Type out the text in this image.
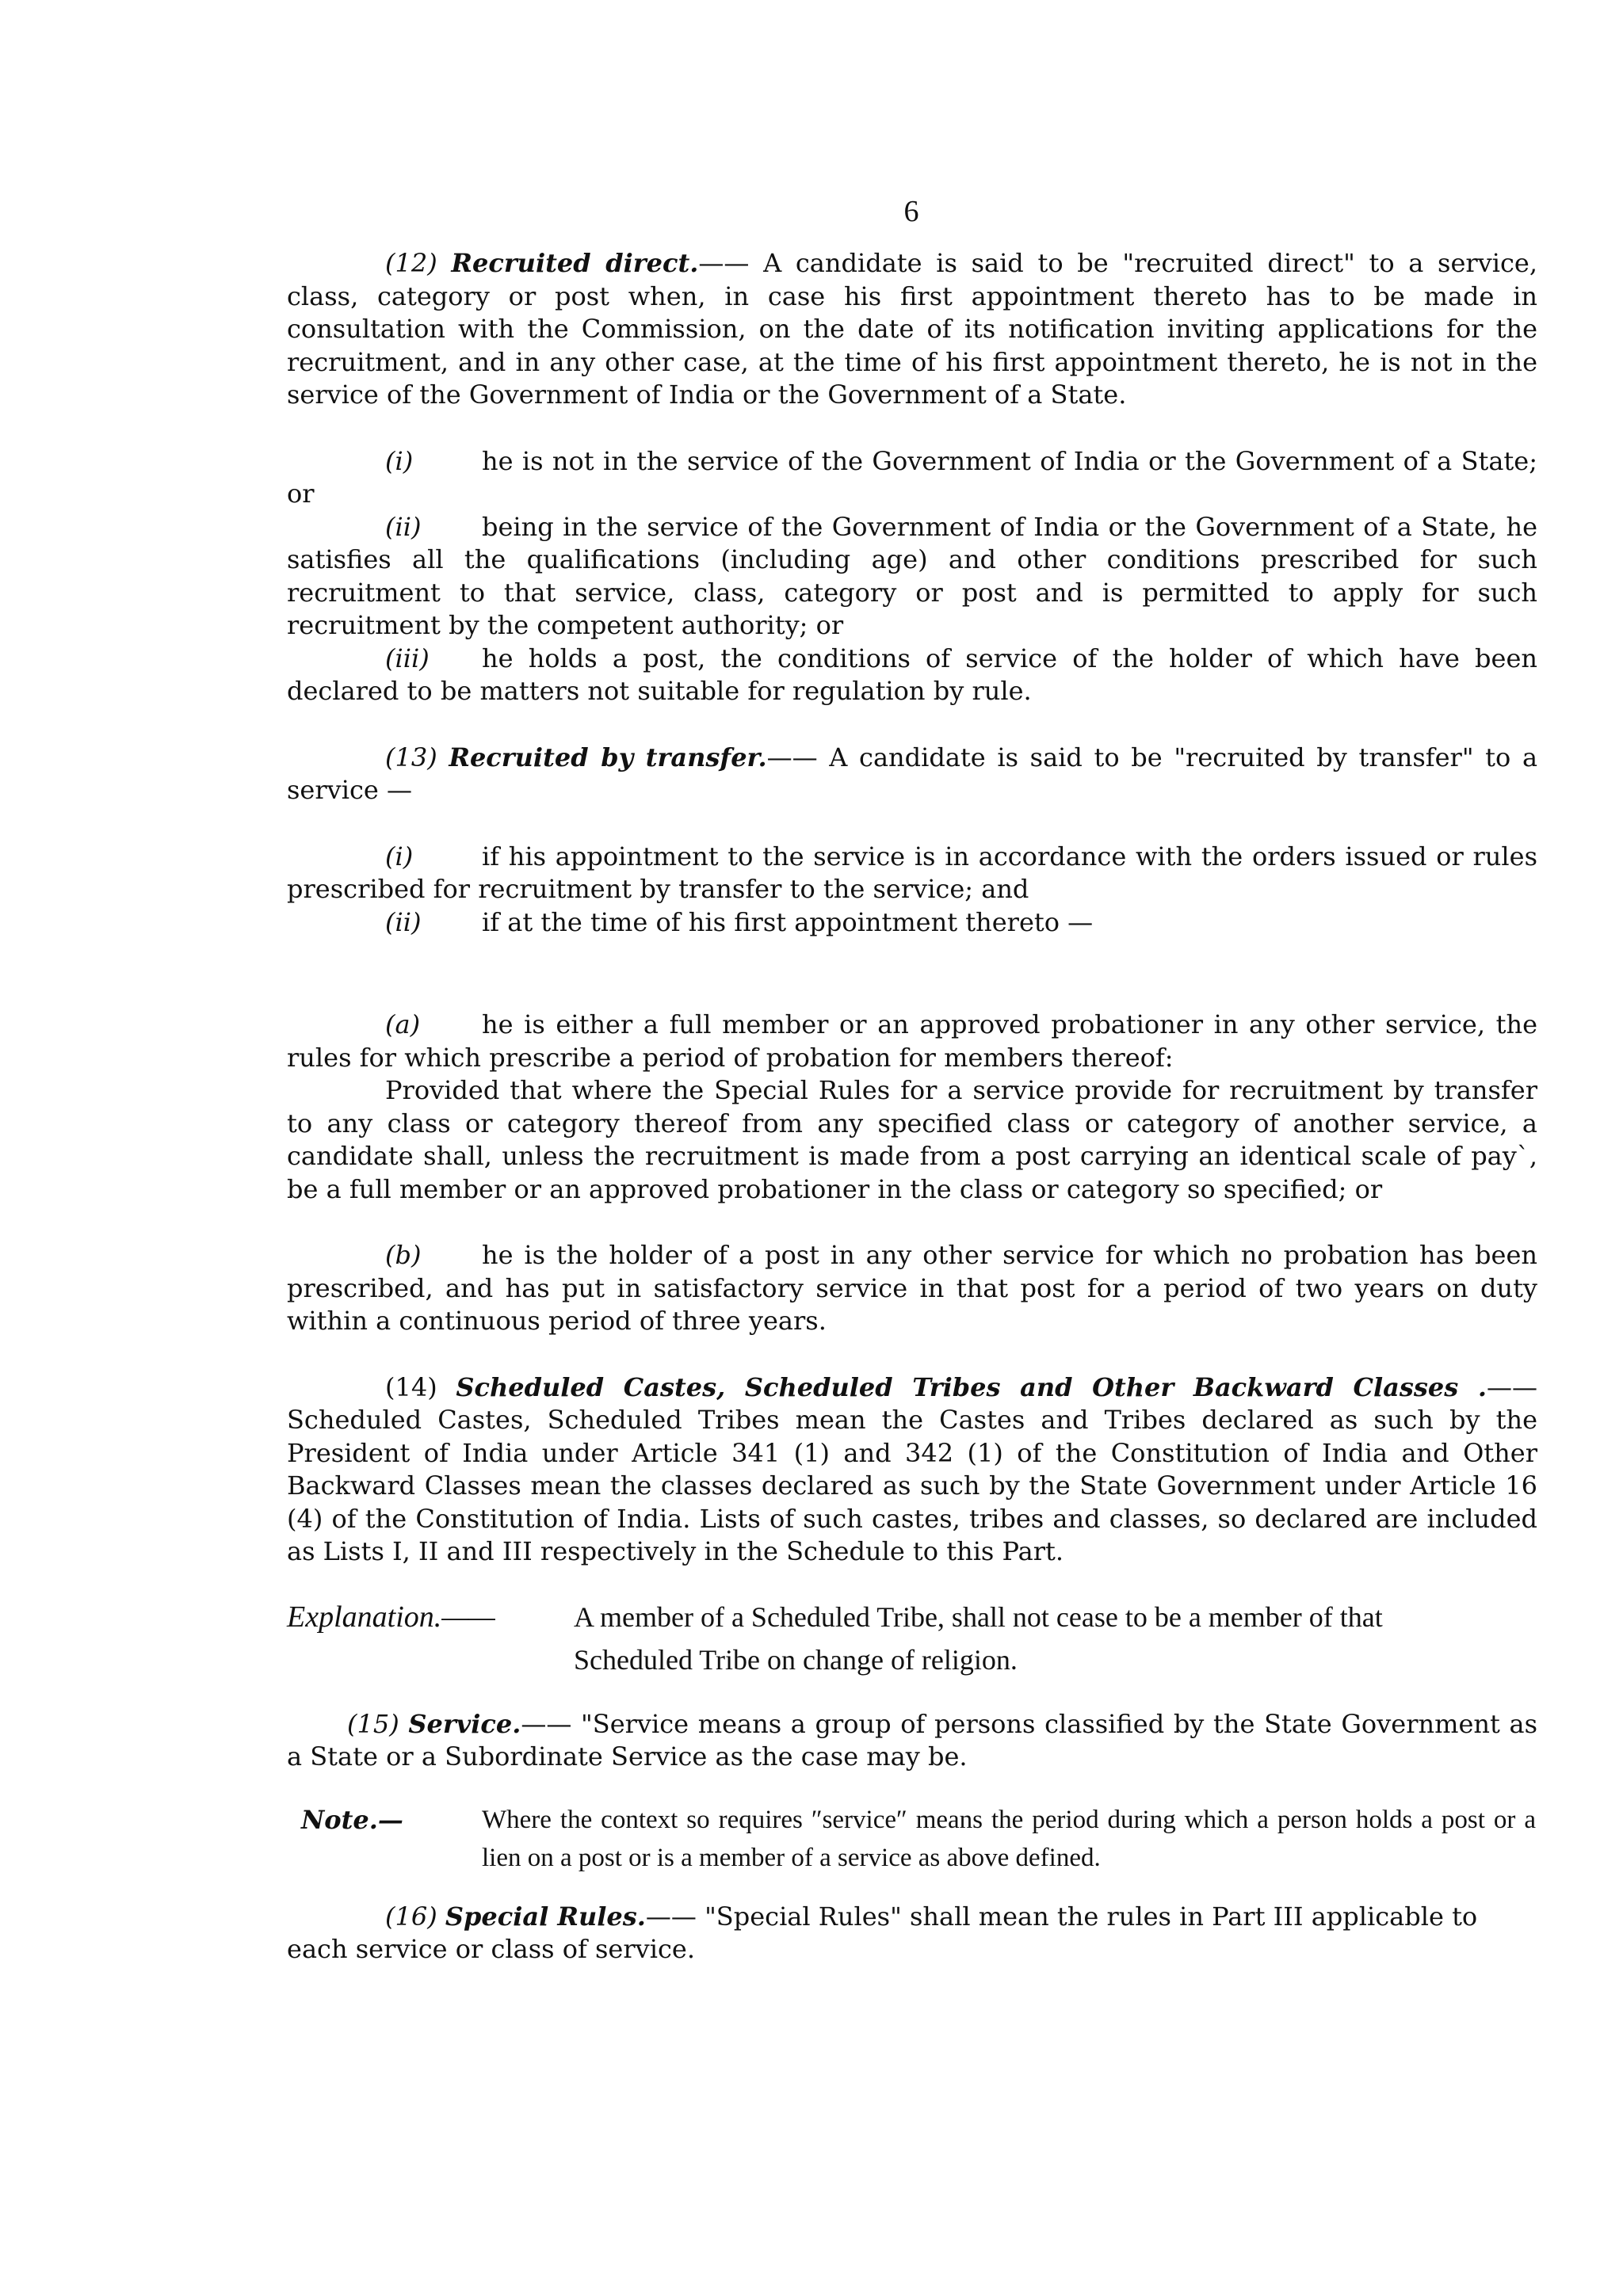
6

(12) Recruited direct.—— A candidate is said to be "recruited direct" to a service, class, category or post when, in case his first appointment thereto has to be made in consultation with the Commission, on the date of its notification inviting applications for the recruitment, and in any other case, at the time of his first appointment thereto, he is not in the service of the Government of India or the Government of a State.

(i)	he is not in the service of the Government of India or the Government of a State; or

(ii) being in the service of the Government of India or the Government of a State, he satisfies all the qualifications (including age) and other conditions prescribed for such recruitment to that service, class, category or post and is permitted to apply for such recruitment by the competent authority; or

(iii) he holds a post, the conditions of service of the holder of which have been declared to be matters not suitable for regulation by rule.

(13) Recruited by transfer.—— A candidate is said to be "recruited by transfer" to a service —

(i)	if his appointment to the service is in accordance with the orders issued or rules prescribed for recruitment by transfer to the service; and

(ii) if at the time of his first appointment thereto —

(a) he is either a full member or an approved probationer in any other service, the rules for which prescribe a period of probation for members thereof:

Provided that where the Special Rules for a service provide for recruitment by transfer to any class or category thereof from any specified class or category of another service, a candidate shall, unless the recruitment is made from a post carrying an identical scale of pay`, be a full member or an approved probationer in the class or category so specified; or

(b) he is the holder of a post in any other service for which no probation has been prescribed, and has put in satisfactory service in that post for a period of two years on duty within a continuous period of three years.

(14) Scheduled Castes, Scheduled Tribes and Other Backward Classes .—— Scheduled Castes, Scheduled Tribes mean the Castes and Tribes declared as such by the President of India under Article 341 (1) and 342 (1) of the Constitution of India and Other Backward Classes mean the classes declared as such by the State Government under Article 16 (4) of the Constitution of India. Lists of such castes, tribes and classes, so declared are included as Lists I, II and III respectively in the Schedule to this Part.

Explanation.——	A member of a Scheduled Tribe, shall not cease to be a member of that Scheduled Tribe on change of religion.

(15) Service.—— "Service means a group of persons classified by the State Government as a State or a Subordinate Service as the case may be.

Note.—	Where the context so requires ″service″ means the period during which a person holds a post or a lien on a post or is a member of a service as above defined.

(16) Special Rules.—— "Special Rules" shall mean the rules in Part III applicable to each service or class of service.
